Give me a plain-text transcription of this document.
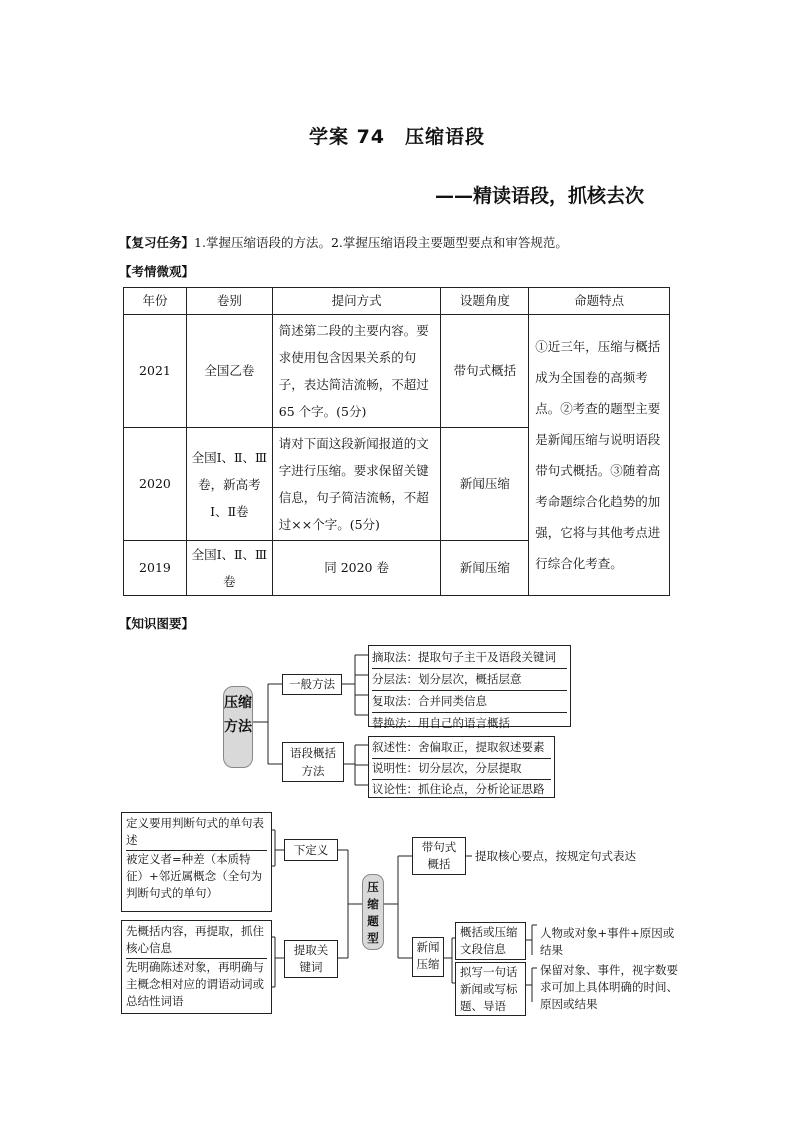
学案 74　压缩语段
——精读语段，抓核去次
【复习任务】1.掌握压缩语段的方法。2.掌握压缩语段主要题型要点和审答规范。
【考情微观】
年份	卷别	提问方式	设题角度	命题特点
2021	全国乙卷	简述第二段的主要内容。要求使用包含因果关系的句子，表达简洁流畅，不超过 65 个字。(5分)	带句式概括	①近三年，压缩与概括成为全国卷的高频考点。②考查的题型主要是新闻压缩与说明语段带句式概括。③随着高考命题综合化趋势的加强，它将与其他考点进行综合化考查。
2020	全国Ⅰ、Ⅱ、Ⅲ卷，新高考Ⅰ、Ⅱ卷	请对下面这段新闻报道的文字进行压缩。要求保留关键信息，句子简洁流畅，不超过××个字。(5分)	新闻压缩	
2019	全国Ⅰ、Ⅱ、Ⅲ卷	同 2020 卷	新闻压缩	
【知识图要】
压缩方法
一般方法
摘取法：提取句子主干及语段关键词
分层法：划分层次，概括层意
复取法：合并同类信息
替换法：用自己的语言概括
语段概括方法
叙述性：舍偏取正，提取叙述要素
说明性：切分层次，分层提取
议论性：抓住论点，分析论证思路
定义要用判断句式的单句表述
被定义者=种差（本质特征）+邻近属概念（全句为判断句式的单句）
下定义
先概括内容，再提取，抓住核心信息
先明确陈述对象，再明确与主概念相对应的谓语动词或总结性词语
提取关键词
压缩题型
带句式概括
提取核心要点，按规定句式表达
新闻压缩
概括或压缩文段信息
拟写一句话新闻或写标题、导语
人物或对象+事件+原因或结果
保留对象、事件，视字数要求可加上具体明确的时间、原因或结果
